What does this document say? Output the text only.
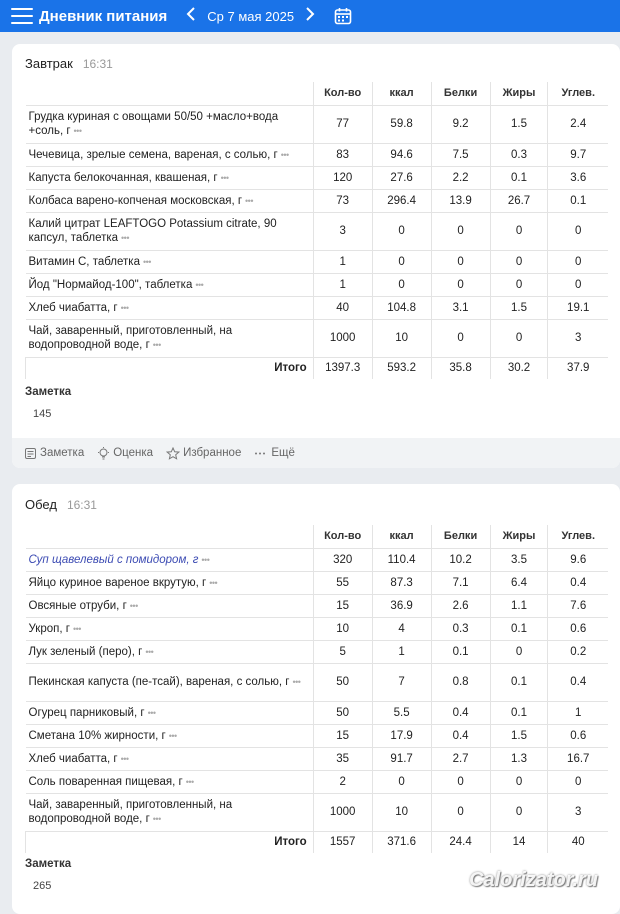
Дневник питания	Ср 7 мая 2025
Завтрак 16:31
	Кол-во	ккал	Белки	Жиры	Углев.
Грудка куриная с овощами 50/50 +масло+вода +соль, г •••	77	59.8	9.2	1.5	2.4
Чечевица, зрелые семена, вареная, с солью, г •••	83	94.6	7.5	0.3	9.7
Капуста белокочанная, квашеная, г •••	120	27.6	2.2	0.1	3.6
Колбаса варено-копченая московская, г •••	73	296.4	13.9	26.7	0.1
Калий цитрат LEAFTOGO Potassium citrate, 90 капсул, таблетка •••	3	0	0	0	0
Витамин С, таблетка •••	1	0	0	0	0
Йод "Нормайод-100", таблетка •••	1	0	0	0	0
Хлеб чиабатта, г •••	40	104.8	3.1	1.5	19.1
Чай, заваренный, приготовленный, на водопроводной воде, г •••	1000	10	0	0	3
Итого	1397.3	593.2	35.8	30.2	37.9
Заметка
145
Заметка	Оценка	Избранное	Ещё
Обед 16:31
	Кол-во	ккал	Белки	Жиры	Углев.
Суп щавелевый с помидором, г •••	320	110.4	10.2	3.5	9.6
Яйцо куриное вареное вкрутую, г •••	55	87.3	7.1	6.4	0.4
Овсяные отруби, г •••	15	36.9	2.6	1.1	7.6
Укроп, г •••	10	4	0.3	0.1	0.6
Лук зеленый (перо), г •••	5	1	0.1	0	0.2
Пекинская капуста (пе-тсай), вареная, с солью, г •••	50	7	0.8	0.1	0.4
Огурец парниковый, г •••	50	5.5	0.4	0.1	1
Сметана 10% жирности, г •••	15	17.9	0.4	1.5	0.6
Хлеб чиабатта, г •••	35	91.7	2.7	1.3	16.7
Соль поваренная пищевая, г •••	2	0	0	0	0
Чай, заваренный, приготовленный, на водопроводной воде, г •••	1000	10	0	0	3
Итого	1557	371.6	24.4	14	40
Заметка
265	Calorizator.ru
